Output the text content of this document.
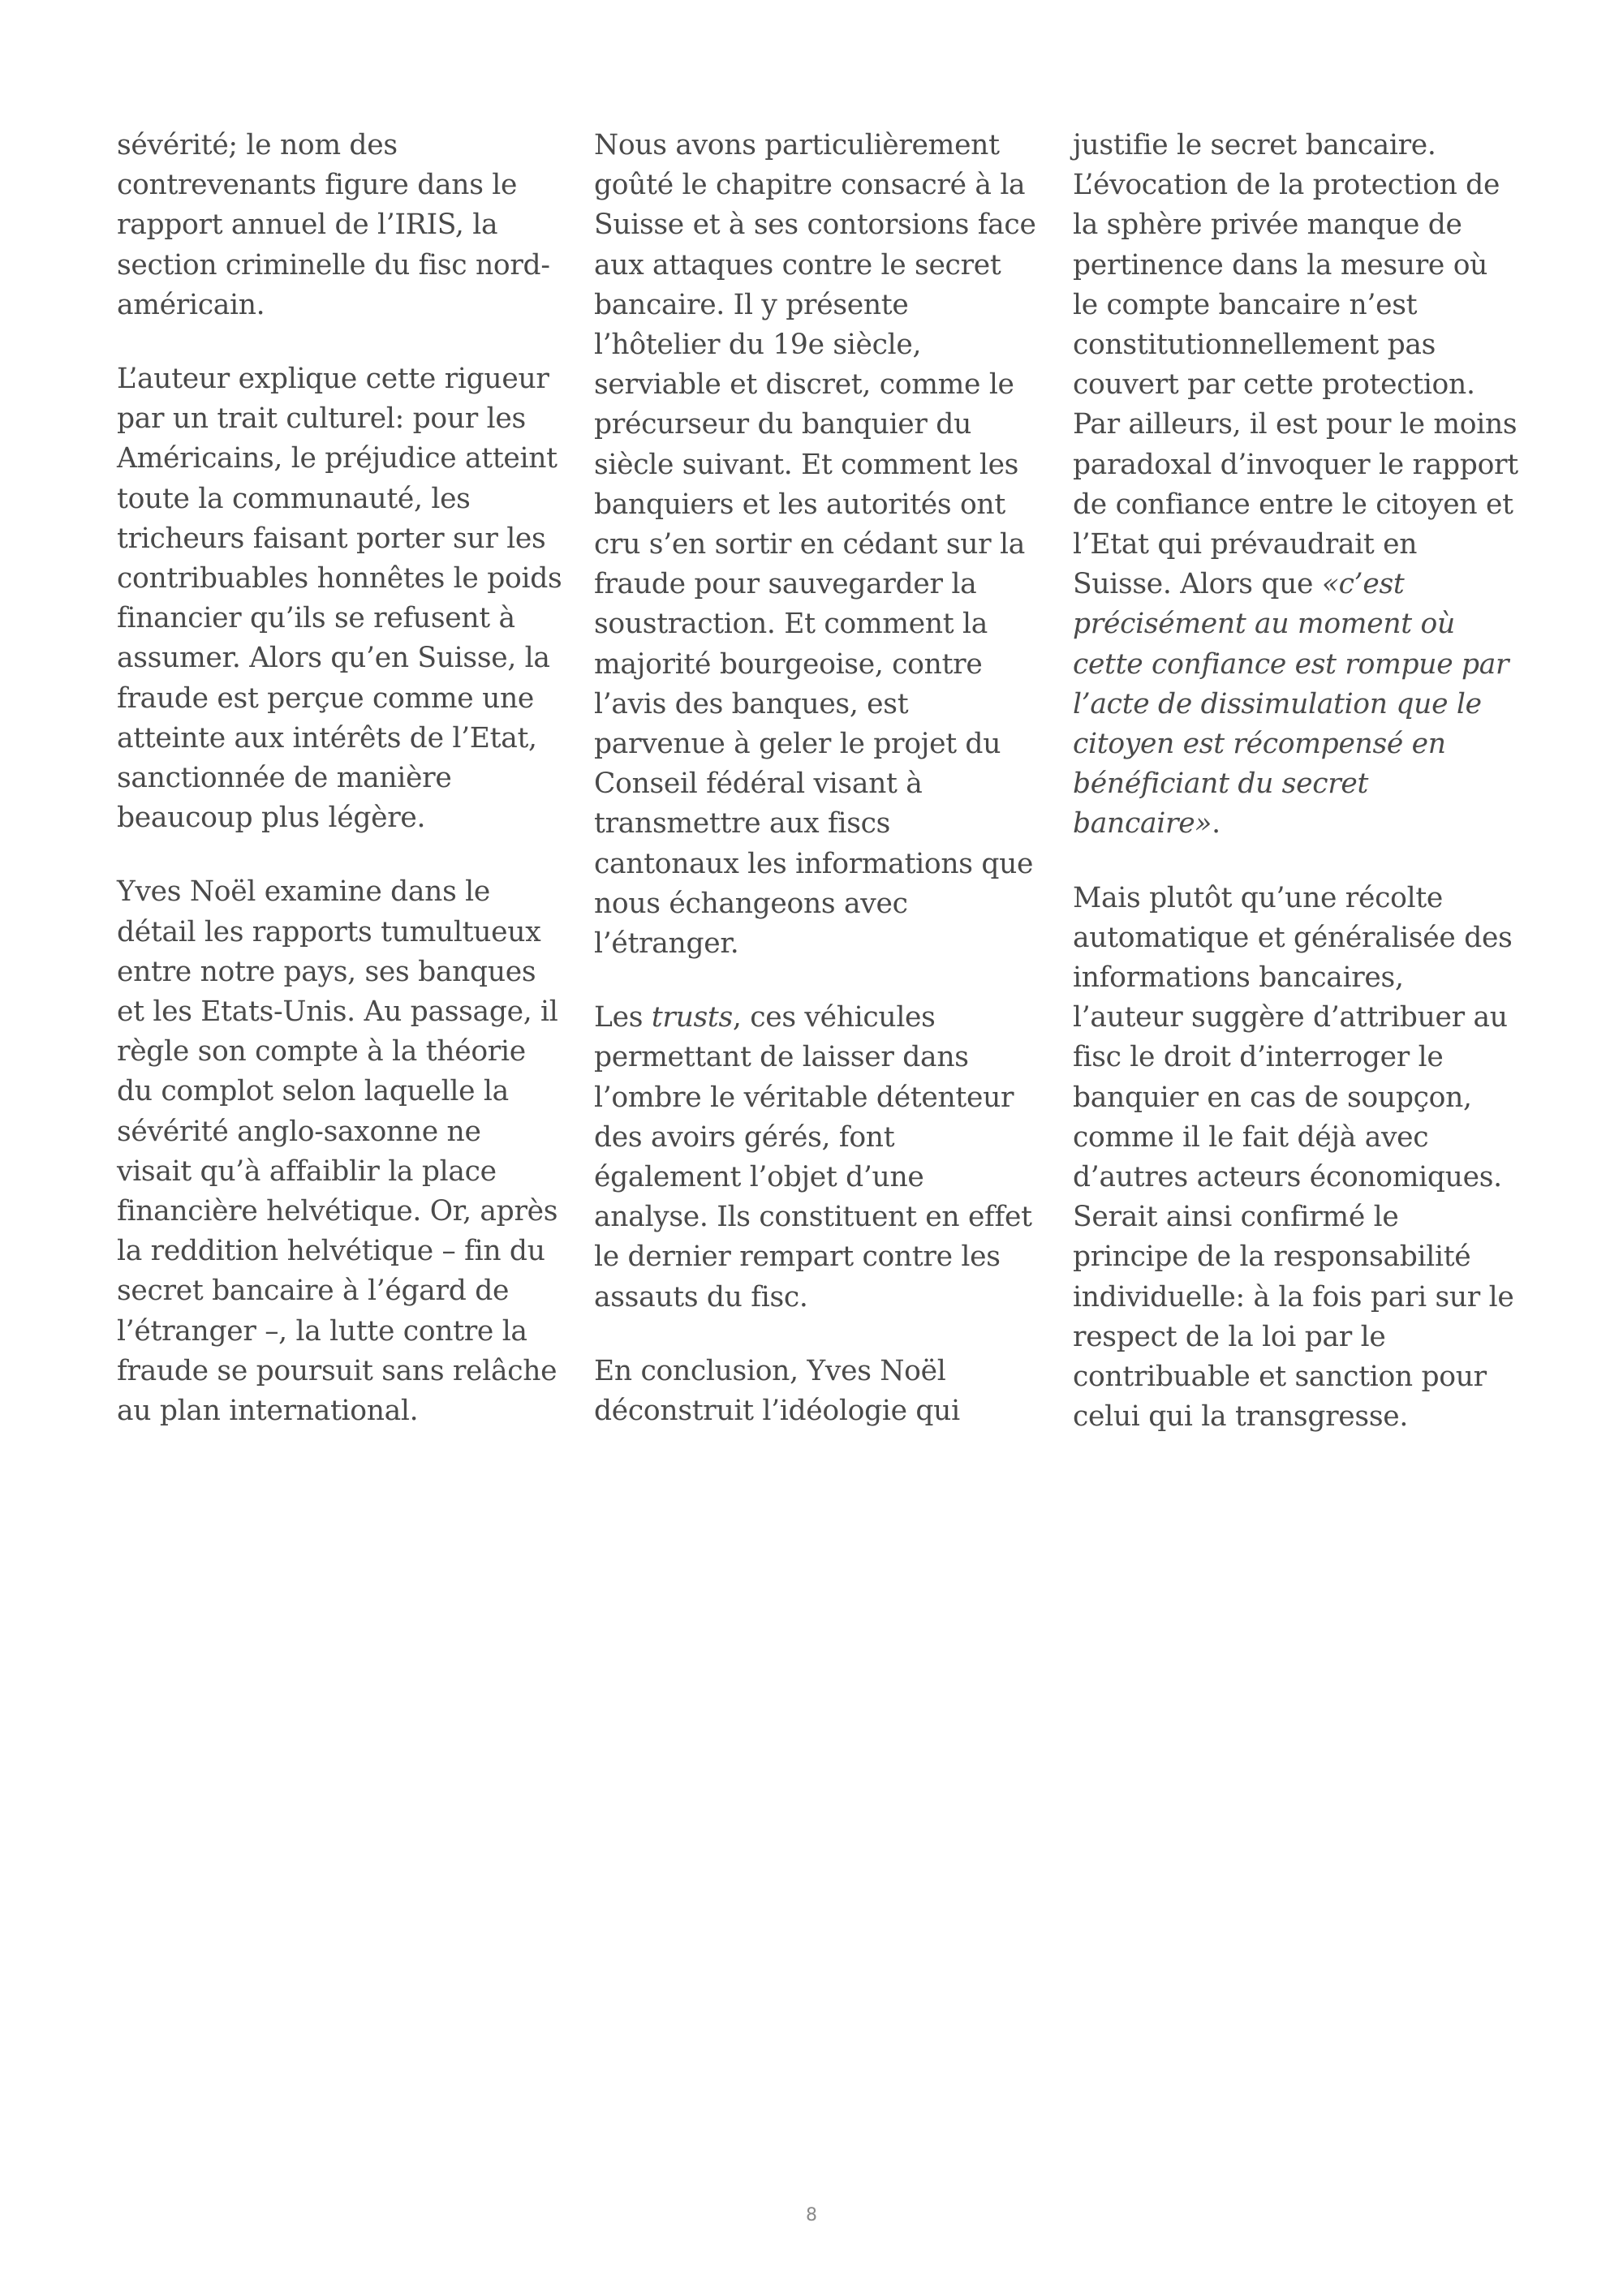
sévérité; le nom des
contrevenants figure dans le
rapport annuel de l’IRIS, la
section criminelle du fisc nord-
américain.

L’auteur explique cette rigueur
par un trait culturel: pour les
Américains, le préjudice atteint
toute la communauté, les
tricheurs faisant porter sur les
contribuables honnêtes le poids
financier qu’ils se refusent à
assumer. Alors qu’en Suisse, la
fraude est perçue comme une
atteinte aux intérêts de l’Etat,
sanctionnée de manière
beaucoup plus légère.

Yves Noël examine dans le
détail les rapports tumultueux
entre notre pays, ses banques
et les Etats-Unis. Au passage, il
règle son compte à la théorie
du complot selon laquelle la
sévérité anglo-saxonne ne
visait qu’à affaiblir la place
financière helvétique. Or, après
la reddition helvétique – fin du
secret bancaire à l’égard de
l’étranger –, la lutte contre la
fraude se poursuit sans relâche
au plan international.

Nous avons particulièrement
goûté le chapitre consacré à la
Suisse et à ses contorsions face
aux attaques contre le secret
bancaire. Il y présente
l’hôtelier du 19e siècle,
serviable et discret, comme le
précurseur du banquier du
siècle suivant. Et comment les
banquiers et les autorités ont
cru s’en sortir en cédant sur la
fraude pour sauvegarder la
soustraction. Et comment la
majorité bourgeoise, contre
l’avis des banques, est
parvenue à geler le projet du
Conseil fédéral visant à
transmettre aux fiscs
cantonaux les informations que
nous échangeons avec
l’étranger.

Les trusts, ces véhicules
permettant de laisser dans
l’ombre le véritable détenteur
des avoirs gérés, font
également l’objet d’une
analyse. Ils constituent en effet
le dernier rempart contre les
assauts du fisc.

En conclusion, Yves Noël
déconstruit l’idéologie qui

justifie le secret bancaire.
L’évocation de la protection de
la sphère privée manque de
pertinence dans la mesure où
le compte bancaire n’est
constitutionnellement pas
couvert par cette protection.
Par ailleurs, il est pour le moins
paradoxal d’invoquer le rapport
de confiance entre le citoyen et
l’Etat qui prévaudrait en
Suisse. Alors que «c’est
précisément au moment où
cette confiance est rompue par
l’acte de dissimulation que le
citoyen est récompensé en
bénéficiant du secret
bancaire».

Mais plutôt qu’une récolte
automatique et généralisée des
informations bancaires,
l’auteur suggère d’attribuer au
fisc le droit d’interroger le
banquier en cas de soupçon,
comme il le fait déjà avec
d’autres acteurs économiques.
Serait ainsi confirmé le
principe de la responsabilité
individuelle: à la fois pari sur le
respect de la loi par le
contribuable et sanction pour
celui qui la transgresse.

8
